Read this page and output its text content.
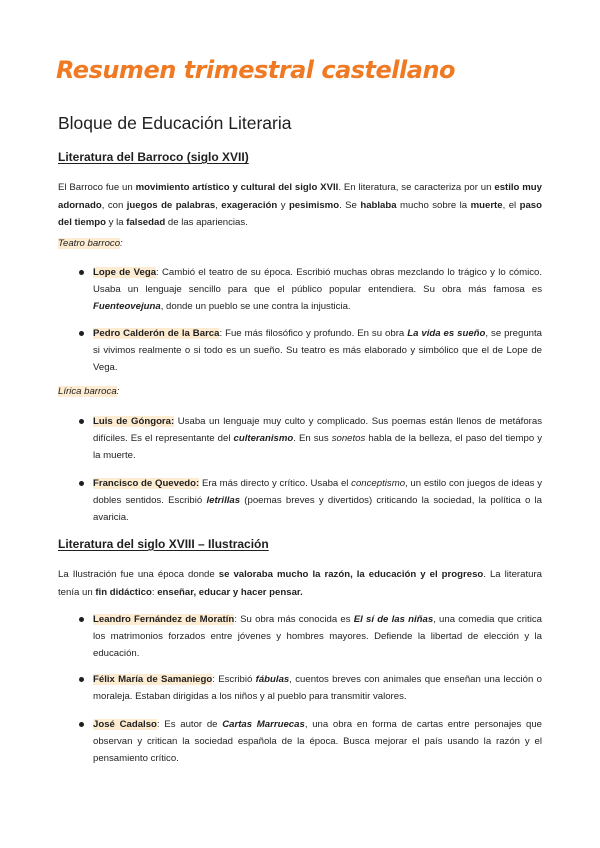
Resumen trimestral castellano
Bloque de Educación Literaria
Literatura del Barroco (siglo XVII)
El Barroco fue un movimiento artístico y cultural del siglo XVII. En literatura, se caracteriza por un estilo muy adornado, con juegos de palabras, exageración y pesimismo. Se hablaba mucho sobre la muerte, el paso del tiempo y la falsedad de las apariencias.
Teatro barroco:
Lope de Vega: Cambió el teatro de su época. Escribió muchas obras mezclando lo trágico y lo cómico. Usaba un lenguaje sencillo para que el público popular entendiera. Su obra más famosa es Fuenteovejuna, donde un pueblo se une contra la injusticia.
Pedro Calderón de la Barca: Fue más filosófico y profundo. En su obra La vida es sueño, se pregunta si vivimos realmente o si todo es un sueño. Su teatro es más elaborado y simbólico que el de Lope de Vega.
Lírica barroca:
Luis de Góngora: Usaba un lenguaje muy culto y complicado. Sus poemas están llenos de metáforas difíciles. Es el representante del culteranismo. En sus sonetos habla de la belleza, el paso del tiempo y la muerte.
Francisco de Quevedo: Era más directo y crítico. Usaba el conceptismo, un estilo con juegos de ideas y dobles sentidos. Escribió letrillas (poemas breves y divertidos) criticando la sociedad, la política o la avaricia.
Literatura del siglo XVIII – Ilustración
La Ilustración fue una época donde se valoraba mucho la razón, la educación y el progreso. La literatura tenía un fin didáctico: enseñar, educar y hacer pensar.
Leandro Fernández de Moratín: Su obra más conocida es El sí de las niñas, una comedia que critica los matrimonios forzados entre jóvenes y hombres mayores. Defiende la libertad de elección y la educación.
Félix María de Samaniego: Escribió fábulas, cuentos breves con animales que enseñan una lección o moraleja. Estaban dirigidas a los niños y al pueblo para transmitir valores.
José Cadalso: Es autor de Cartas Marruecas, una obra en forma de cartas entre personajes que observan y critican la sociedad española de la época. Busca mejorar el país usando la razón y el pensamiento crítico.
